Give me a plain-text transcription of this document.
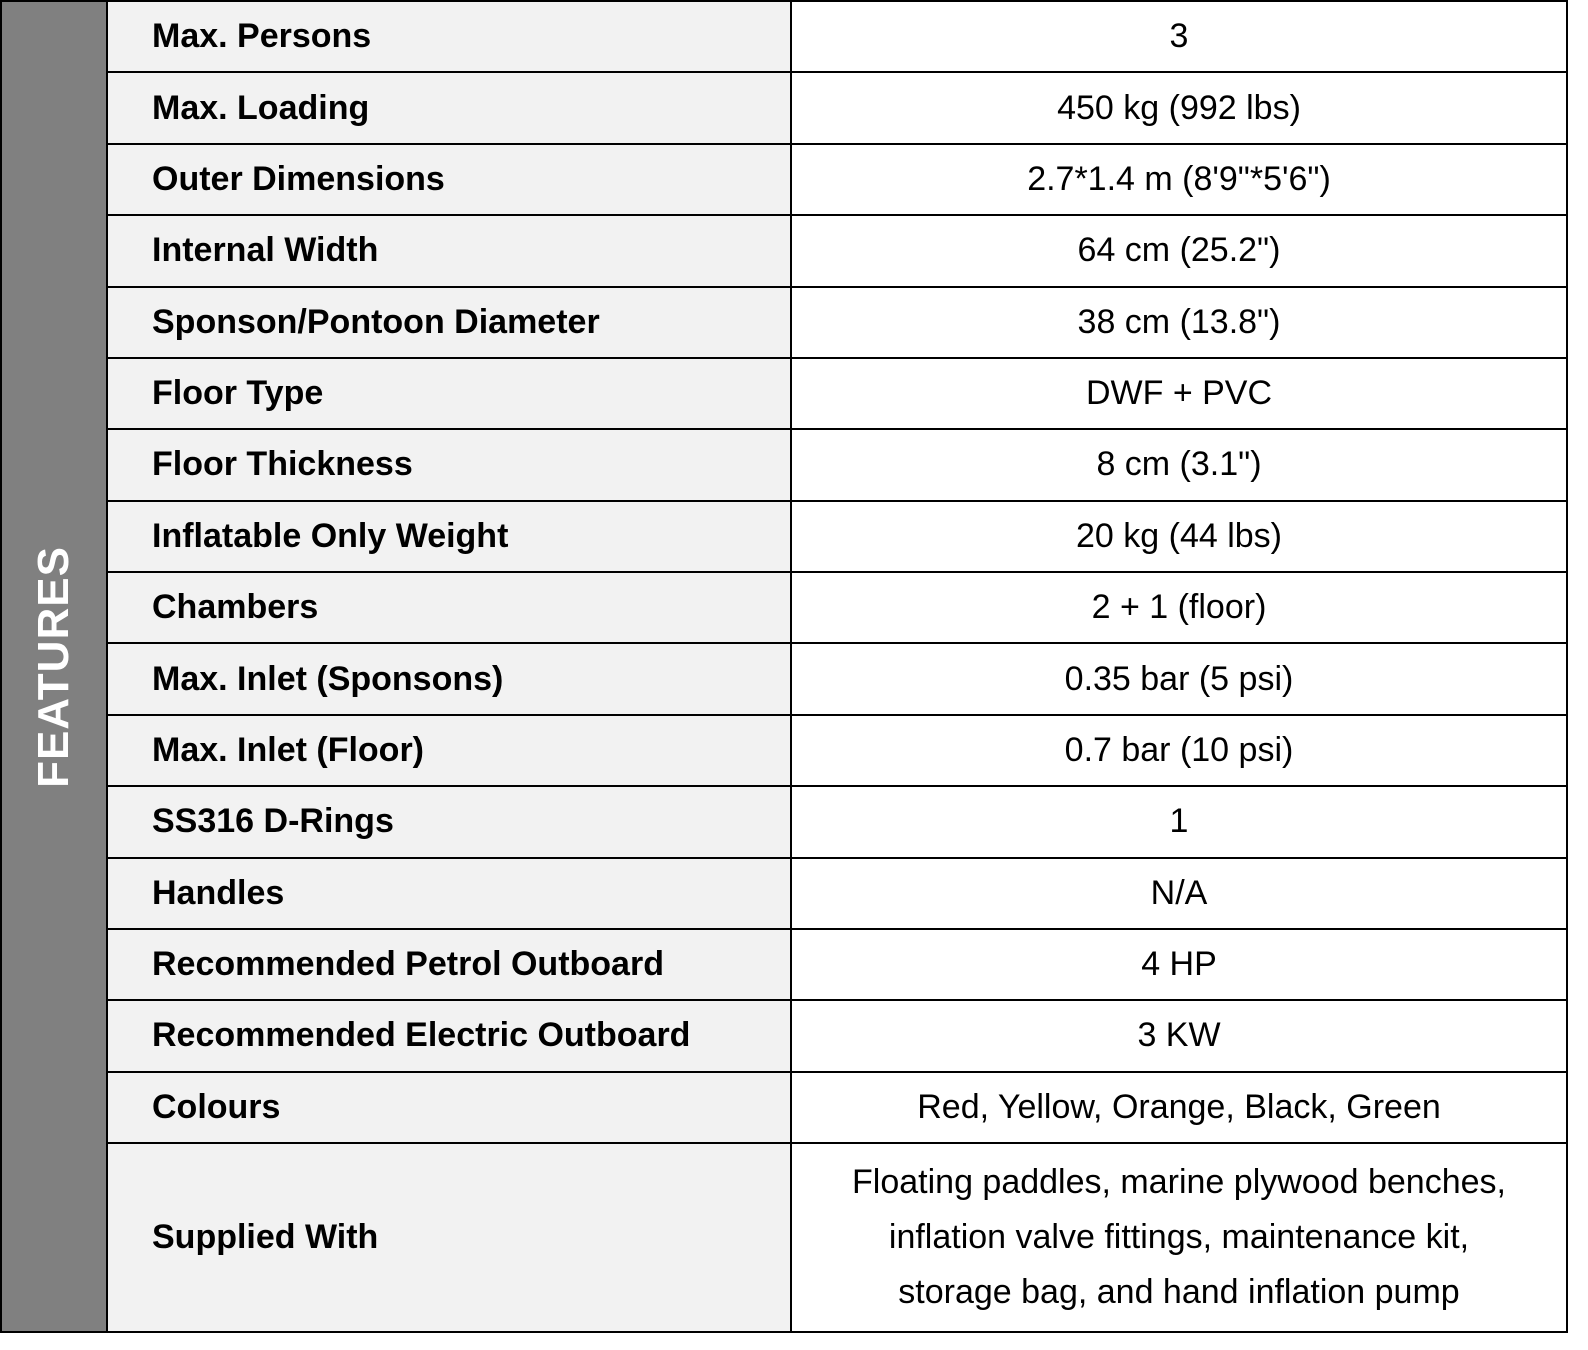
FEATURES	Max. Persons	3
	Max. Loading	450 kg (992 lbs)
	Outer Dimensions	2.7*1.4 m (8'9"*5'6")
	Internal Width	64 cm (25.2")
	Sponson/Pontoon Diameter	38 cm (13.8")
	Floor Type	DWF + PVC
	Floor Thickness	8 cm (3.1")
	Inflatable Only Weight	20 kg (44 lbs)
	Chambers	2 + 1 (floor)
	Max. Inlet (Sponsons)	0.35 bar (5 psi)
	Max. Inlet (Floor)	0.7 bar (10 psi)
	SS316 D-Rings	1
	Handles	N/A
	Recommended Petrol Outboard	4 HP
	Recommended Electric Outboard	3 KW
	Colours	Red, Yellow, Orange, Black, Green
	Supplied With	Floating paddles, marine plywood benches,
inflation valve fittings, maintenance kit,
storage bag, and hand inflation pump
